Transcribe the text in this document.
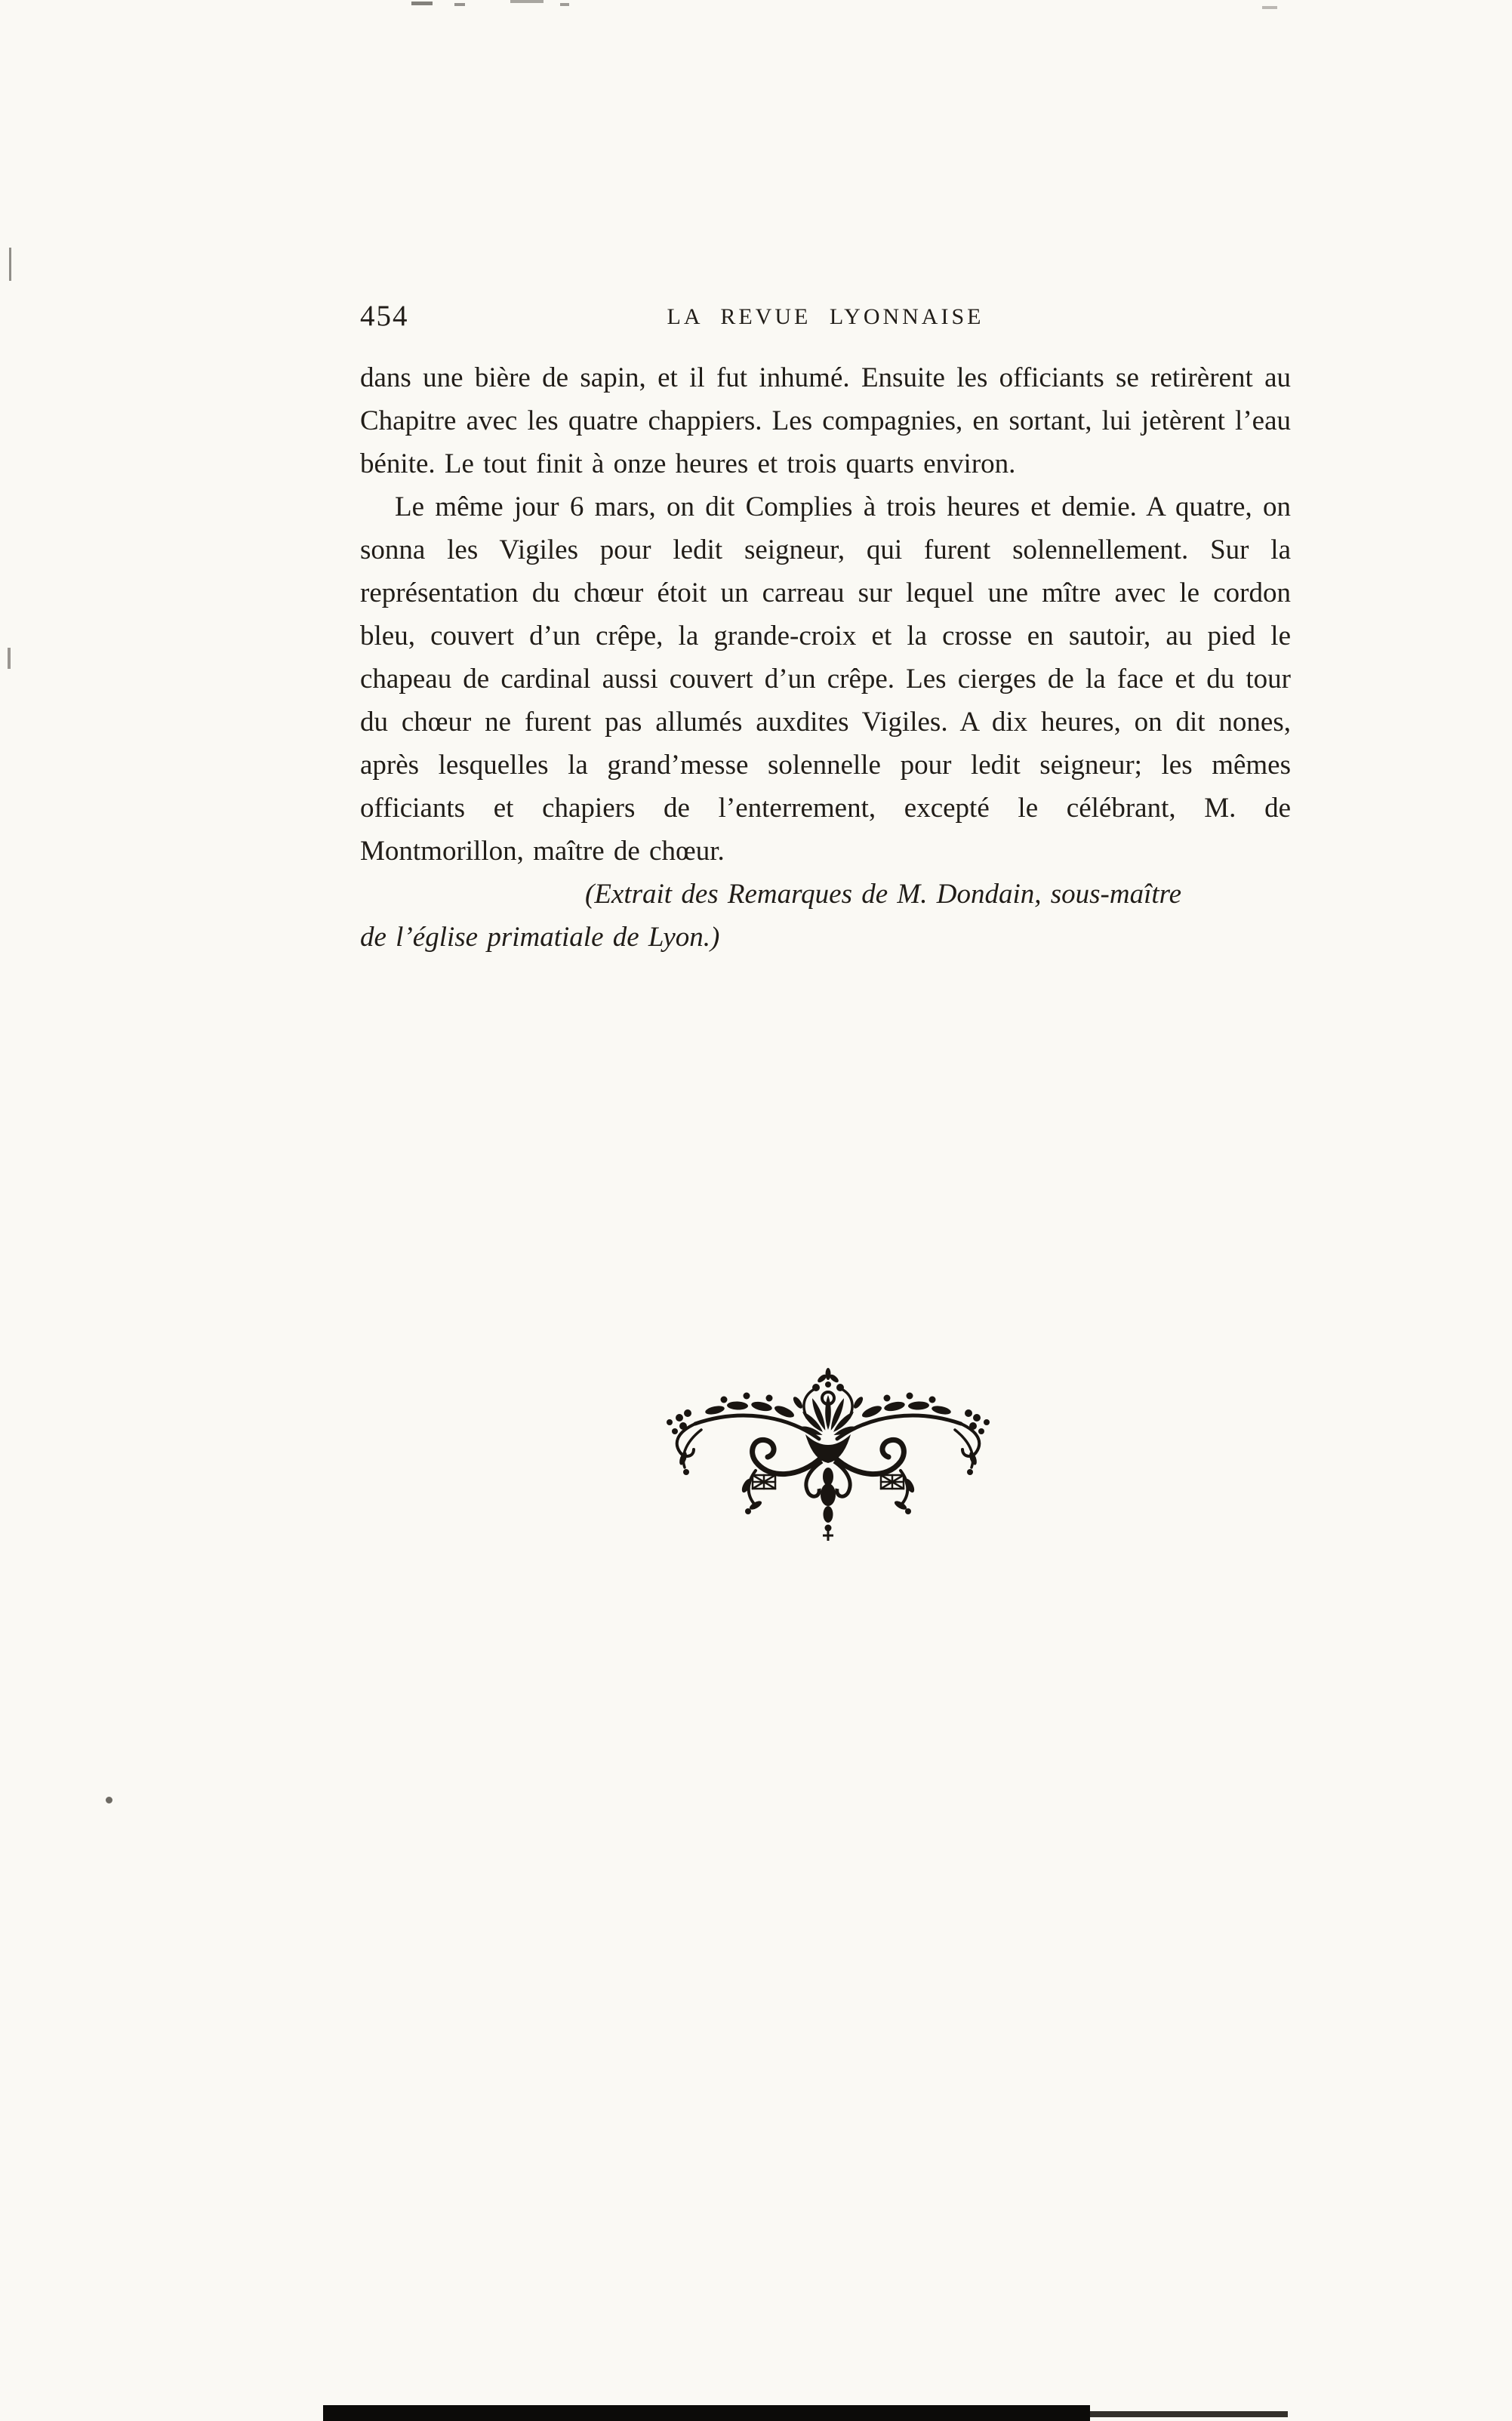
454	LA REVUE LYONNAISE

dans une bière de sapin, et il fut inhumé. Ensuite les officiants se retirèrent au Chapitre avec les quatre chappiers. Les compagnies, en sortant, lui jetèrent l’eau bénite. Le tout finit à onze heures et trois quarts environ.

Le même jour 6 mars, on dit Complies à trois heures et demie. A quatre, on sonna les Vigiles pour ledit seigneur, qui furent solennellement. Sur la représentation du chœur étoit un carreau sur lequel une mître avec le cordon bleu, couvert d’un crêpe, la grande-croix et la crosse en sautoir, au pied le chapeau de cardinal aussi couvert d’un crêpe. Les cierges de la face et du tour du chœur ne furent pas allumés auxdites Vigiles. A dix heures, on dit nones, après lesquelles la grand’messe solennelle pour ledit seigneur; les mêmes officiants et chapiers de l’enterrement, excepté le célébrant, M. de Montmorillon, maître de chœur.

(Extrait des Remarques de M. Dondain, sous-maître
de l’église primatiale de Lyon.)
